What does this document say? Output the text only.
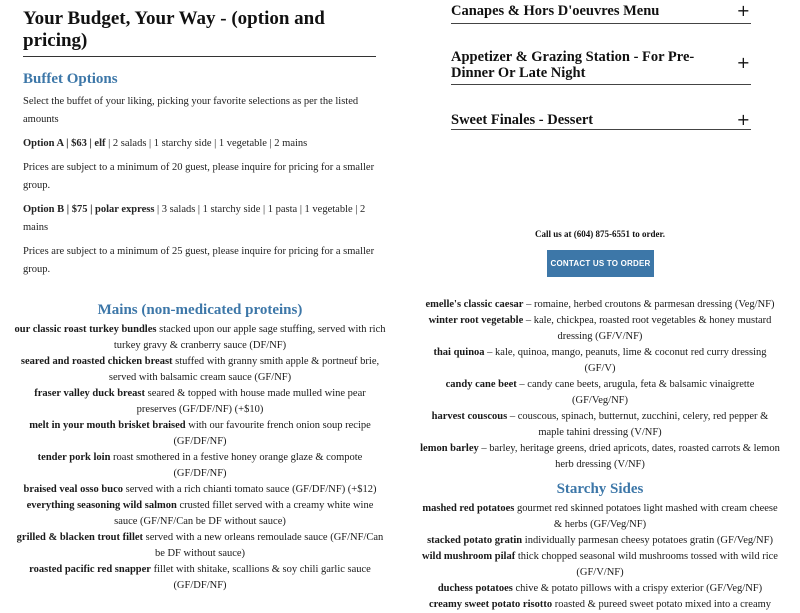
Your Budget, Your Way - (option and pricing)
Buffet Options

Select the buffet of your liking, picking your favorite selections as per the listed amounts

Option A | $63 | elf | 2 salads | 1 starchy side | 1 vegetable | 2 mains

Prices are subject to a minimum of 20 guest, please inquire for pricing for a smaller group.

Option B | $75 | polar express | 3 salads | 1 starchy side | 1 pasta | 1 vegetable | 2 mains

Prices are subject to a minimum of 25 guest, please inquire for pricing for a smaller group.

Canapes & Hors D'oeuvres Menu	+
Appetizer & Grazing Station - For Pre-Dinner Or Late Night
+
Sweet Finales - Dessert	+
Call us at (604) 875-6551 to order.
CONTACT US TO ORDER
Mains (non-medicated proteins)
our classic roast turkey bundles stacked upon our apple sage stuffing, served with rich turkey gravy & cranberry sauce (DF/NF)
seared and roasted chicken breast stuffed with granny smith apple & portneuf brie, served with balsamic cream sauce (GF/NF)
fraser valley duck breast seared & topped with house made mulled wine pear preserves (GF/DF/NF) (+$10)
melt in your mouth brisket braised with our favourite french onion soup recipe (GF/DF/NF)
tender pork loin roast smothered in a festive honey orange glaze & compote (GF/DF/NF)
braised veal osso buco served with a rich chianti tomato sauce (GF/DF/NF) (+$12)
everything seasoning wild salmon crusted fillet served with a creamy white wine sauce (GF/NF/Can be DF without sauce)
grilled & blacken trout fillet served with a new orleans remoulade sauce (GF/NF/Can be DF without sauce)
roasted pacific red snapper fillet with shitake, scallions & soy chili garlic sauce (GF/DF/NF)
emelle's classic caesar – romaine, herbed croutons & parmesan dressing (Veg/NF)
winter root vegetable – kale, chickpea, roasted root vegetables & honey mustard dressing (GF/V/NF)
thai quinoa – kale, quinoa, mango, peanuts, lime & coconut red curry dressing (GF/V)
candy cane beet – candy cane beets, arugula, feta & balsamic vinaigrette (GF/Veg/NF)
harvest couscous – couscous, spinach, butternut, zucchini, celery, red pepper & maple tahini dressing (V/NF)
lemon barley – barley, heritage greens, dried apricots, dates, roasted carrots & lemon herb dressing (V/NF)
Starchy Sides
mashed red potatoes gourmet red skinned potatoes light mashed with cream cheese & herbs (GF/Veg/NF)
stacked potato gratin individually parmesan cheesy potatoes gratin (GF/Veg/NF)
wild mushroom pilaf thick chopped seasonal wild mushrooms tossed with wild rice (GF/V/NF)
duchess potatoes chive & potato pillows with a crispy exterior (GF/Veg/NF)
creamy sweet potato risotto roasted & pureed sweet potato mixed into a creamy
